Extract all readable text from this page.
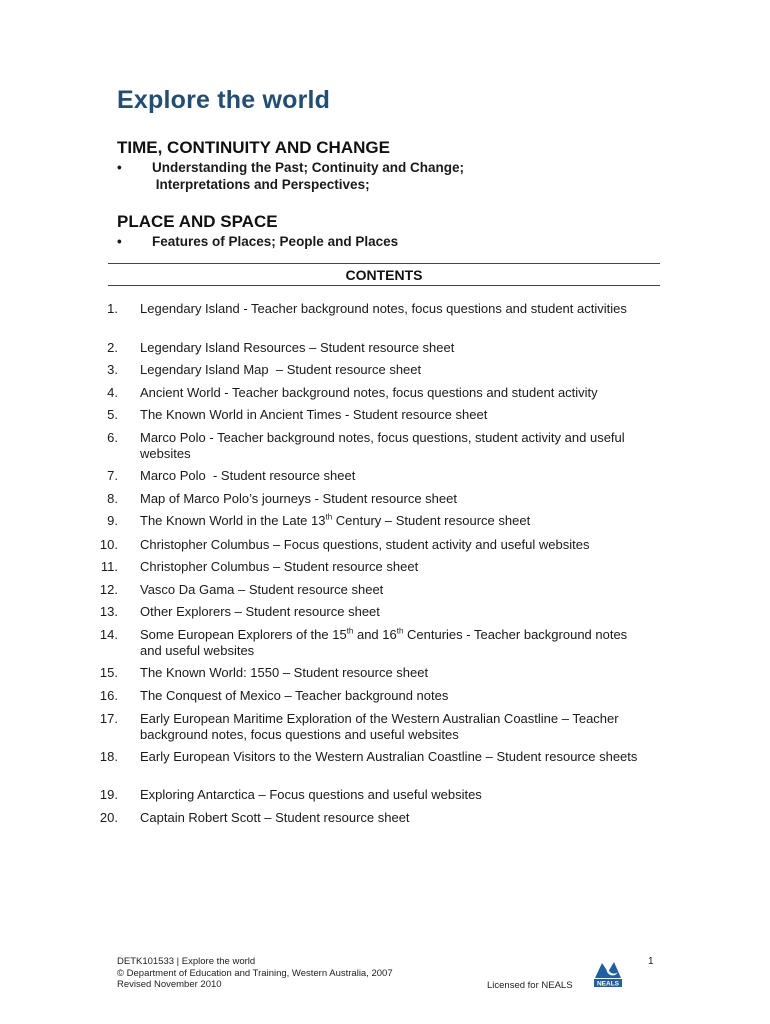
Explore the world
TIME, CONTINUITY AND CHANGE
• Understanding the Past; Continuity and Change;
Interpretations and Perspectives;
PLACE AND SPACE
• Features of Places; People and Places
CONTENTS
1. Legendary Island - Teacher background notes, focus questions and student activities
2. Legendary Island Resources – Student resource sheet
3. Legendary Island Map  – Student resource sheet
4. Ancient World - Teacher background notes, focus questions and student activity
5. The Known World in Ancient Times - Student resource sheet
6. Marco Polo - Teacher background notes, focus questions, student activity and useful websites
7. Marco Polo  - Student resource sheet
8. Map of Marco Polo’s journeys - Student resource sheet
9. The Known World in the Late 13th Century – Student resource sheet
10. Christopher Columbus – Focus questions, student activity and useful websites
11. Christopher Columbus – Student resource sheet
12. Vasco Da Gama – Student resource sheet
13. Other Explorers – Student resource sheet
14. Some European Explorers of the 15th and 16th Centuries - Teacher background notes and useful websites
15. The Known World: 1550 – Student resource sheet
16. The Conquest of Mexico – Teacher background notes
17. Early European Maritime Exploration of the Western Australian Coastline – Teacher background notes, focus questions and useful websites
18. Early European Visitors to the Western Australian Coastline – Student resource sheets
19. Exploring Antarctica – Focus questions and useful websites
20. Captain Robert Scott – Student resource sheet
DETK101533 | Explore the world
© Department of Education and Training, Western Australia, 2007
Revised November 2010	Licensed for NEALS
1
NEALS
